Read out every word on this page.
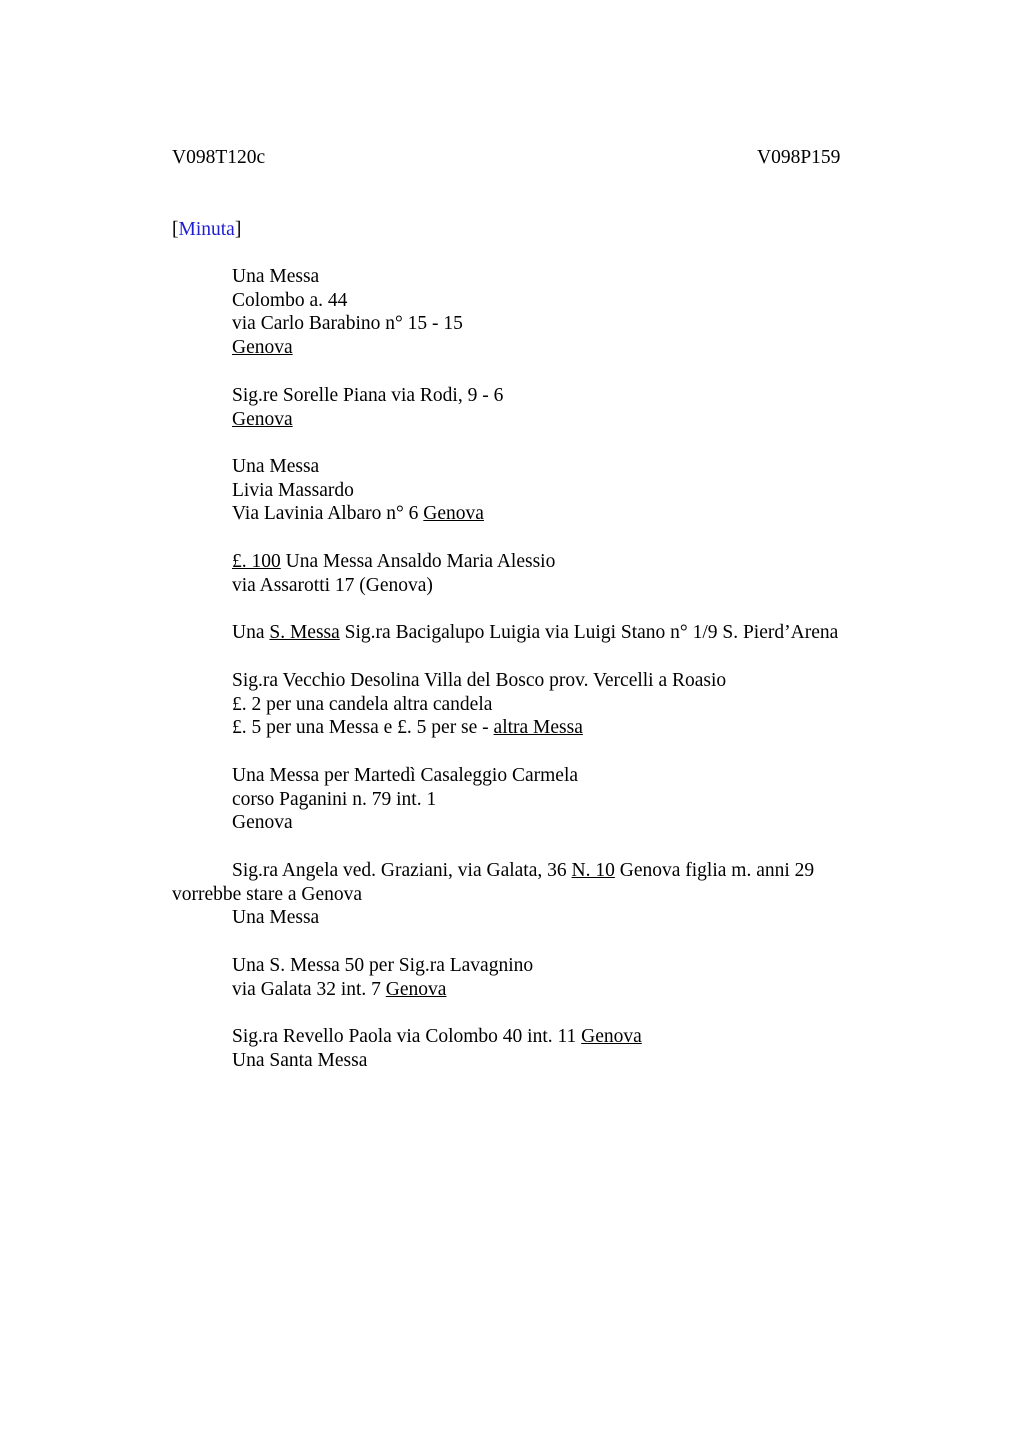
V098T120c	V098P159

[Minuta]

Una Messa
Colombo a. 44
via Carlo Barabino n° 15 - 15
Genova
Sig.re Sorelle Piana via Rodi, 9 - 6
Genova
Una Messa
Livia Massardo
Via Lavinia Albaro n° 6 Genova
£. 100 Una Messa Ansaldo Maria Alessio
via Assarotti 17 (Genova)
Una S. Messa Sig.ra Bacigalupo Luigia via Luigi Stano n° 1/9 S. Pierd’Arena
Sig.ra Vecchio Desolina Villa del Bosco prov. Vercelli a Roasio
£. 2 per una candela altra candela
£. 5 per una Messa e £. 5 per se - altra Messa
Una Messa per Martedì Casaleggio Carmela
corso Paganini n. 79 int. 1
Genova
Sig.ra Angela ved. Graziani, via Galata, 36 N. 10 Genova figlia m. anni 29
vorrebbe stare a Genova
Una Messa
Una S. Messa 50 per Sig.ra Lavagnino
via Galata 32 int. 7 Genova
Sig.ra Revello Paola via Colombo 40 int. 11 Genova
Una Santa Messa
